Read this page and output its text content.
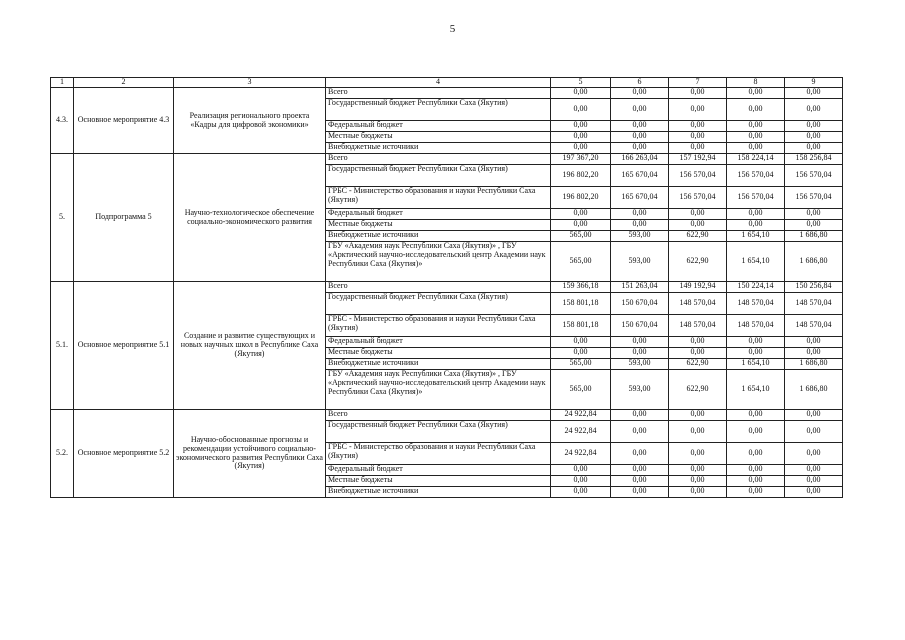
5
1	2	3	4	5	6	7	8	9
4.3.	Основное мероприятие 4.3	Реализация регионального проекта «Кадры для цифровой экономики»	Всего	0,00	0,00	0,00	0,00	0,00
			Государственный бюджет Республики Саха (Якутия)	0,00	0,00	0,00	0,00	0,00
			Федеральный бюджет	0,00	0,00	0,00	0,00	0,00
			Местные бюджеты	0,00	0,00	0,00	0,00	0,00
			Внебюджетные источники	0,00	0,00	0,00	0,00	0,00
5.	Подпрограмма 5	Научно-технологическое обеспечение социально-экономического развития	Всего	197 367,20	166 263,04	157 192,94	158 224,14	158 256,84
			Государственный бюджет Республики Саха (Якутия)	196 802,20	165 670,04	156 570,04	156 570,04	156 570,04
			ГРБС - Министерство образования и науки Республики Саха (Якутия)	196 802,20	165 670,04	156 570,04	156 570,04	156 570,04
			Федеральный бюджет	0,00	0,00	0,00	0,00	0,00
			Местные бюджеты	0,00	0,00	0,00	0,00	0,00
			Внебюджетные источники	565,00	593,00	622,90	1 654,10	1 686,80
			ГБУ «Академия наук Республики Саха (Якутия)» , ГБУ «Арктический научно-исследовательский центр Академии наук Республики Саха (Якутия)»	565,00	593,00	622,90	1 654,10	1 686,80
5.1.	Основное мероприятие 5.1	Создание и развитие существующих и новых научных школ в Республике Саха (Якутия)	Всего	159 366,18	151 263,04	149 192,94	150 224,14	150 256,84
			Государственный бюджет Республики Саха (Якутия)	158 801,18	150 670,04	148 570,04	148 570,04	148 570,04
			ГРБС - Министерство образования и науки Республики Саха (Якутия)	158 801,18	150 670,04	148 570,04	148 570,04	148 570,04
			Федеральный бюджет	0,00	0,00	0,00	0,00	0,00
			Местные бюджеты	0,00	0,00	0,00	0,00	0,00
			Внебюджетные источники	565,00	593,00	622,90	1 654,10	1 686,80
			ГБУ «Академия наук Республики Саха (Якутия)» , ГБУ «Арктический научно-исследовательский центр Академии наук Республики Саха (Якутия)»	565,00	593,00	622,90	1 654,10	1 686,80
5.2.	Основное мероприятие 5.2	Научно-обоснованные прогнозы и рекомендации устойчивого социально-экономического развития Республики Саха (Якутия)	Всего	24 922,84	0,00	0,00	0,00	0,00
			Государственный бюджет Республики Саха (Якутия)	24 922,84	0,00	0,00	0,00	0,00
			ГРБС - Министерство образования и науки Республики Саха (Якутия)	24 922,84	0,00	0,00	0,00	0,00
			Федеральный бюджет	0,00	0,00	0,00	0,00	0,00
			Местные бюджеты	0,00	0,00	0,00	0,00	0,00
			Внебюджетные источники	0,00	0,00	0,00	0,00	0,00
